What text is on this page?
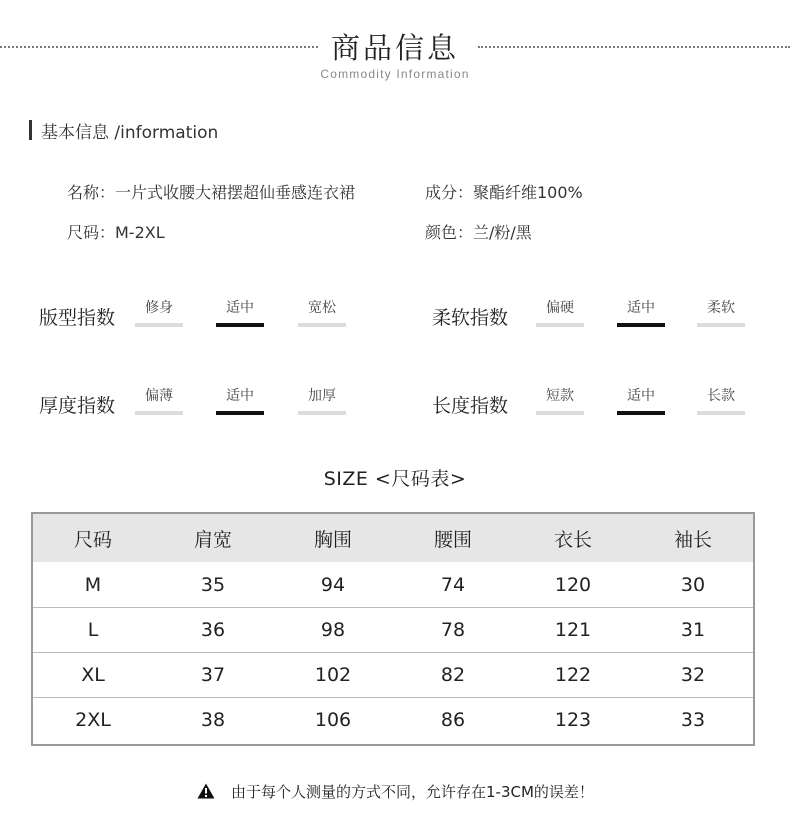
商品信息
Commodity Information
基本信息 /information
名称：一片式收腰大裙摆超仙垂感连衣裙	成分：聚酯纤维100%
尺码：M-2XL	颜色：兰/粉/黑
版型指数	修身	适中	宽松	柔软指数	偏硬	适中	柔软
厚度指数	偏薄	适中	加厚	长度指数	短款	适中	长款
SIZE <尺码表>
尺码	肩宽	胸围	腰围	衣长	袖长
M	35	94	74	120	30
L	36	98	78	121	31
XL	37	102	82	122	32
2XL	38	106	86	123	33
由于每个人测量的方式不同，允许存在1-3CM的误差！
